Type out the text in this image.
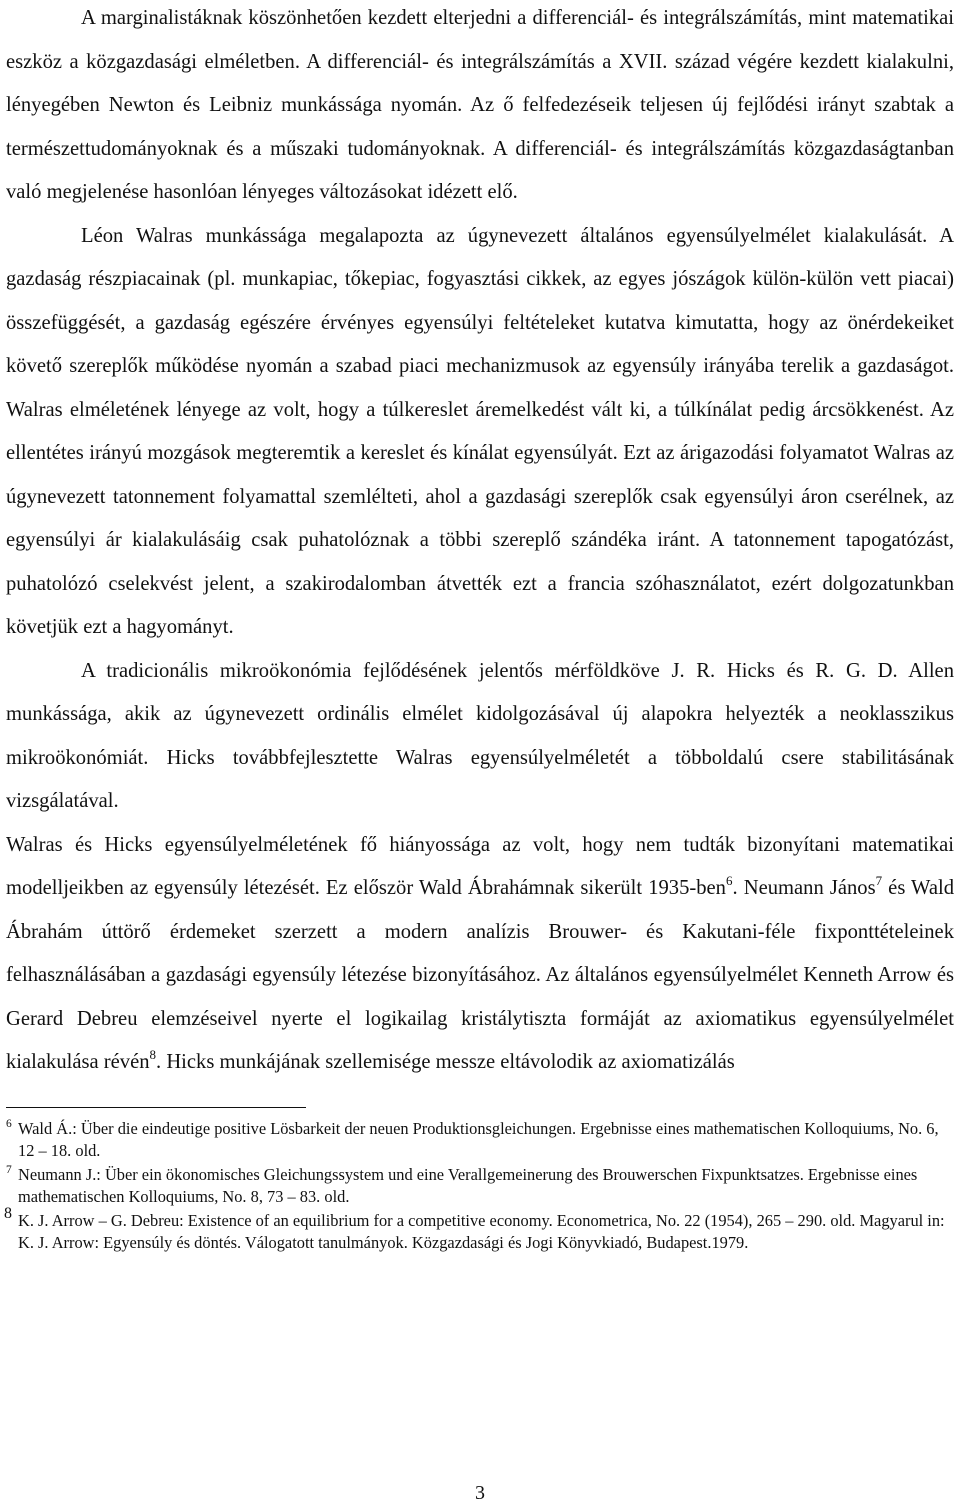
A marginalistáknak köszönhetően kezdett elterjedni a differenciál- és integrálszámítás, mint matematikai eszköz a közgazdasági elméletben. A differenciál- és integrálszámítás a XVII. század végére kezdett kialakulni, lényegében Newton és Leibniz munkássága nyomán. Az ő felfedezéseik teljesen új fejlődési irányt szabtak a természettudományoknak és a műszaki tudományoknak. A differenciál- és integrálszámítás közgazdaságtanban való megjelenése hasonlóan lényeges változásokat idézett elő.

Léon Walras munkássága megalapozta az úgynevezett általános egyensúlyelmélet kialakulását. A gazdaság részpiacainak (pl. munkapiac, tőkepiac, fogyasztási cikkek, az egyes jószágok külön-külön vett piacai) összefüggését, a gazdaság egészére érvényes egyensúlyi feltételeket kutatva kimutatta, hogy az önérdekeiket követő szereplők működése nyomán a szabad piaci mechanizmusok az egyensúly irányába terelik a gazdaságot. Walras elméletének lényege az volt, hogy a túlkereslet áremelkedést vált ki, a túlkínálat pedig árcsökkenést. Az ellentétes irányú mozgások megteremtik a kereslet és kínálat egyensúlyát. Ezt az árigazodási folyamatot Walras az úgynevezett tatonnement folyamattal szemlélteti, ahol a gazdasági szereplők csak egyensúlyi áron cserélnek, az egyensúlyi ár kialakulásáig csak puhatolóznak a többi szereplő szándéka iránt. A tatonnement tapogatózást, puhatolózó cselekvést jelent, a szakirodalomban átvették ezt a francia szóhasználatot, ezért dolgozatunkban követjük ezt a hagyományt.

A tradicionális mikroökonómia fejlődésének jelentős mérföldköve J. R. Hicks és R. G. D. Allen munkássága, akik az úgynevezett ordinális elmélet kidolgozásával új alapokra helyezték a neoklasszikus mikroökonómiát. Hicks továbbfejlesztette Walras egyensúlyelméletét a többoldalú csere stabilitásának vizsgálatával.

Walras és Hicks egyensúlyelméletének fő hiányossága az volt, hogy nem tudták bizonyítani matematikai modelljeikben az egyensúly létezését. Ez először Wald Ábrahámnak sikerült 1935-ben$^6$. Neumann János$^7$ és Wald Ábrahám úttörő érdemeket szerzett a modern analízis Brouwer- és Kakutani-féle fixponttételeinek felhasználásában a gazdasági egyensúly létezése bizonyításához. Az általános egyensúlyelmélet Kenneth Arrow és Gerard Debreu elemzéseivel nyerte el logikailag kristálytiszta formáját az axiomatikus egyensúlyelmélet kialakulása révén$^8$. Hicks munkájának szellemisége messze eltávolodik az axiomatizálás

6 Wald Á.: Über die eindeutige positive Lösbarkeit der neuen Produktionsgleichungen. Ergebnisse eines mathematischen Kolloquiums, No. 6, 12 – 18. old.
7 Neumann J.: Über ein ökonomisches Gleichungssystem und eine Verallgemeinerung des Brouwerschen Fixpunktsatzes. Ergebnisse eines mathematischen Kolloquiums, No. 8, 73 – 83. old.
8 K. J. Arrow – G. Debreu: Existence of an equilibrium for a competitive economy. Econometrica, No. 22 (1954), 265 – 290. old. Magyarul in: K. J. Arrow: Egyensúly és döntés. Válogatott tanulmányok. Közgazdasági és Jogi Könyvkiadó, Budapest.1979.
3
